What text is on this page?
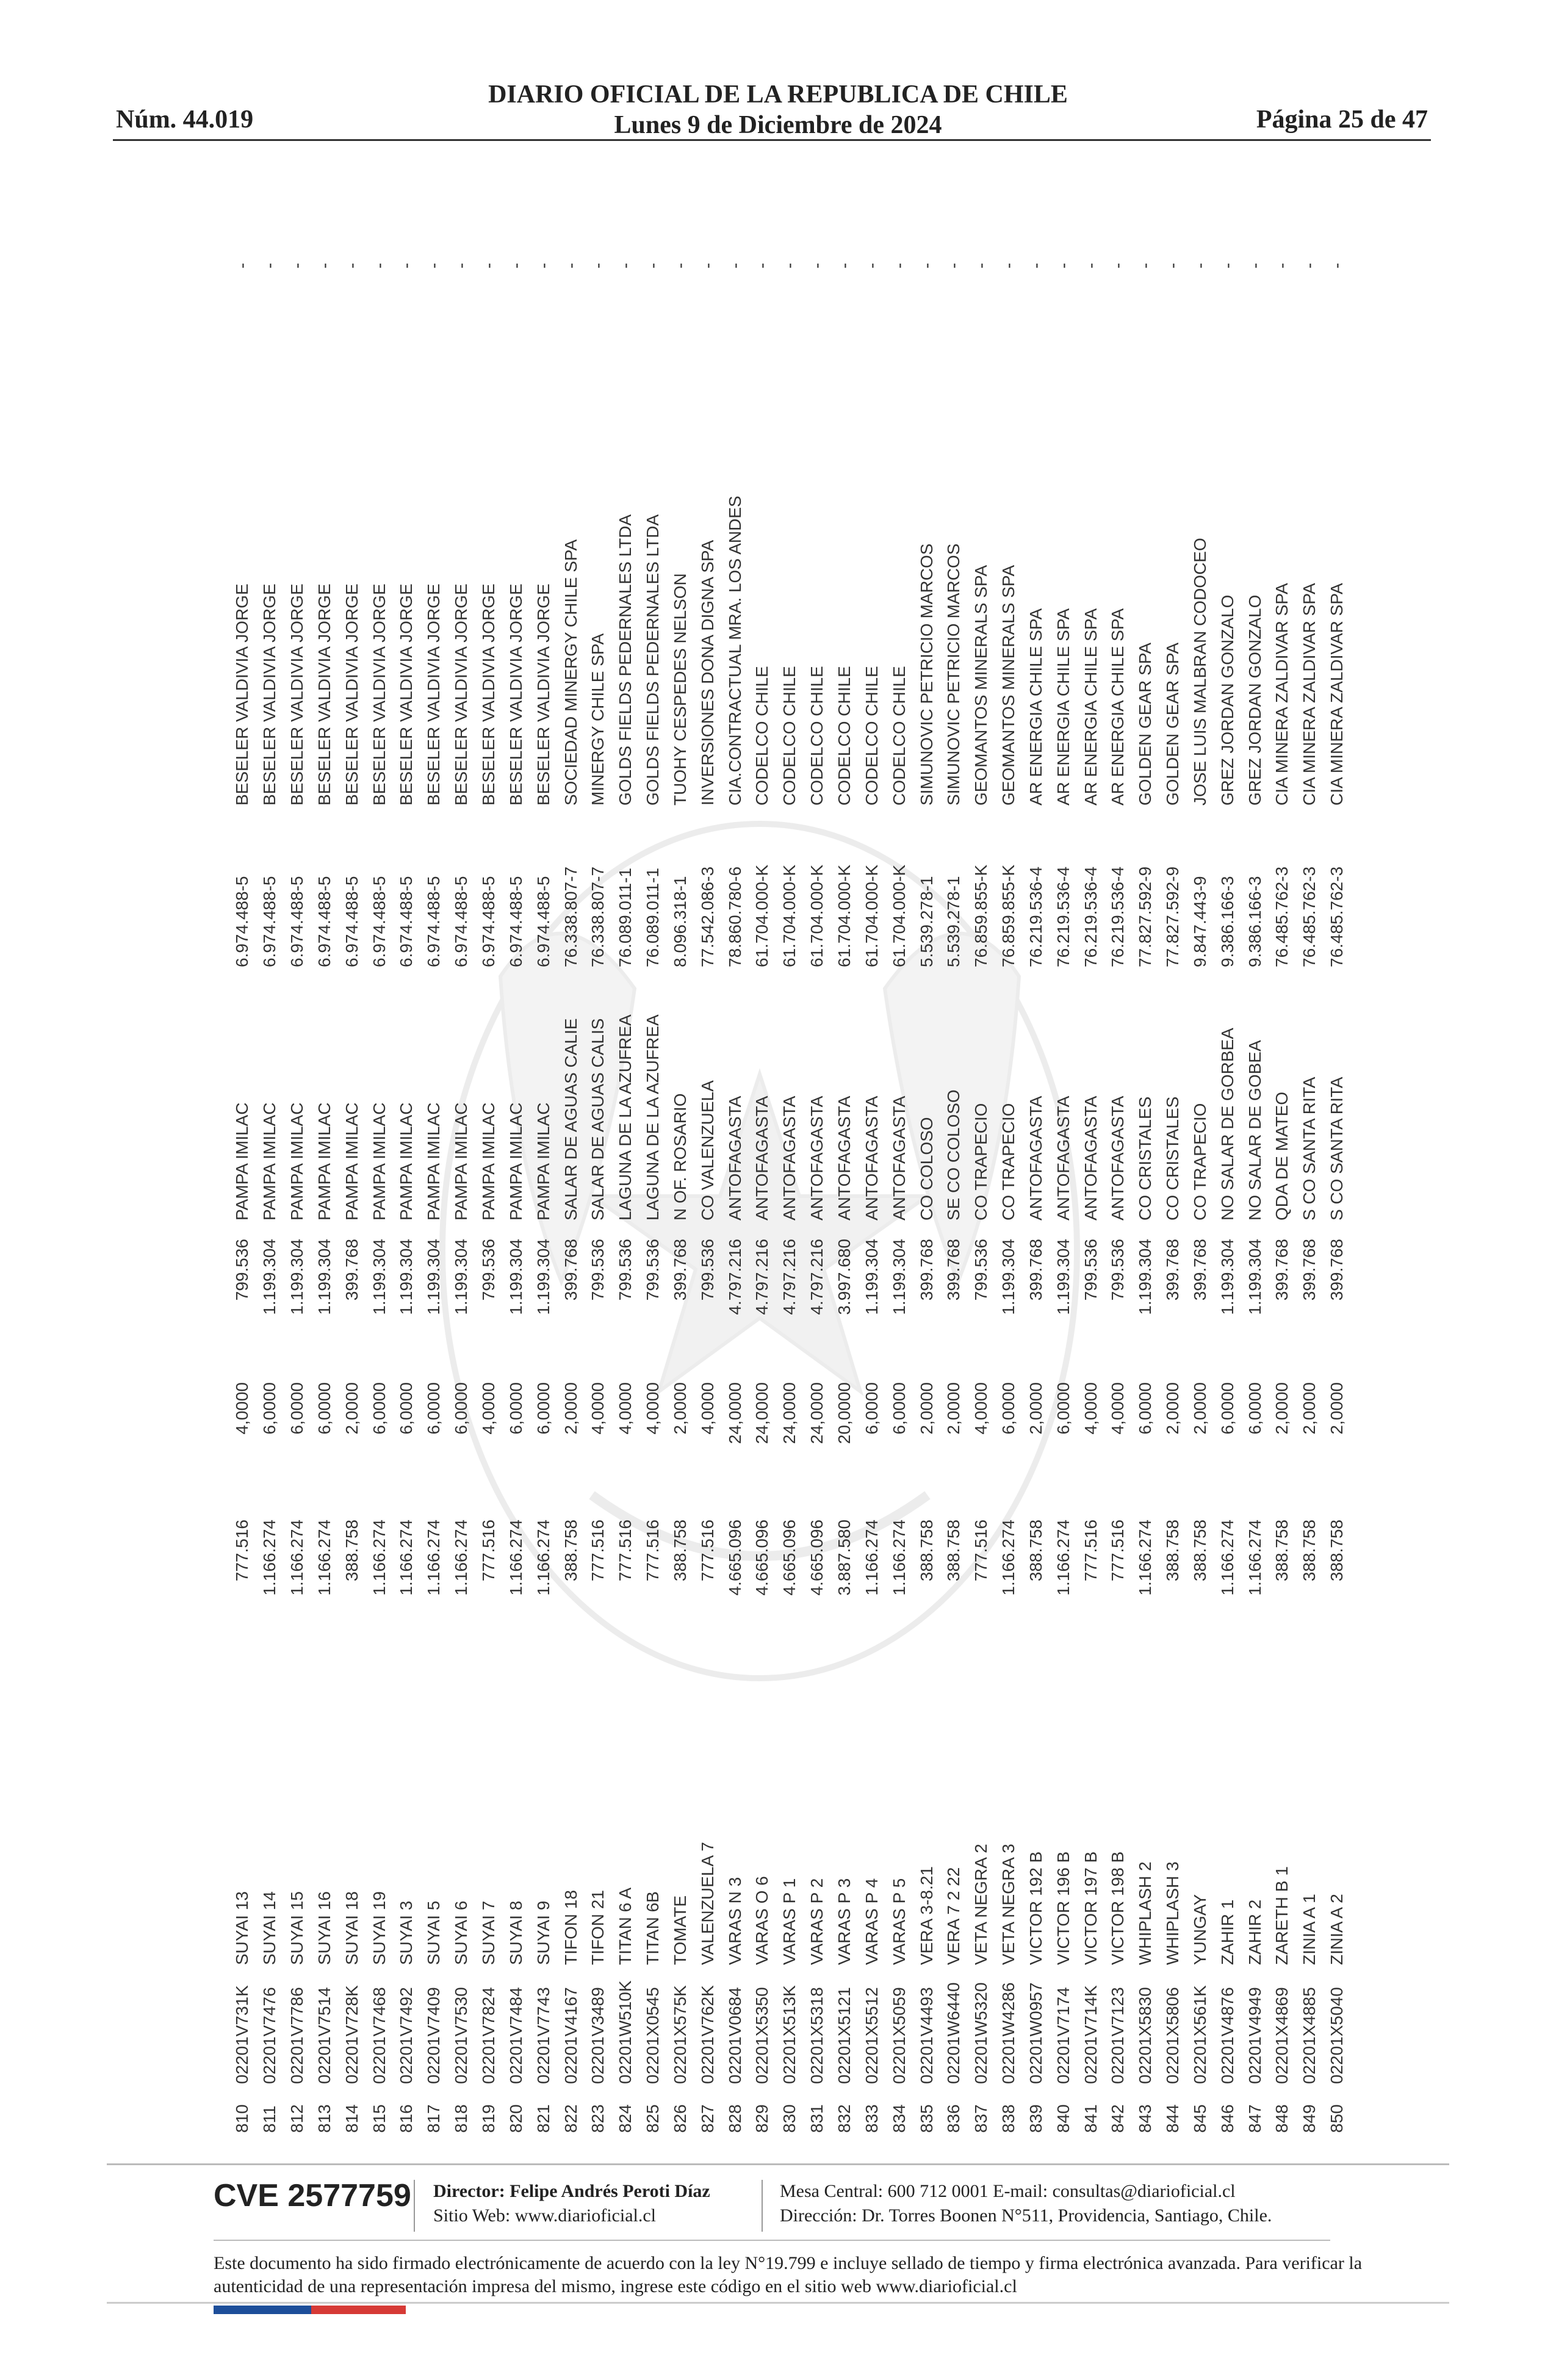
Núm. 44.019
DIARIO OFICIAL DE LA REPUBLICA DE CHILE
Lunes 9 de Diciembre de 2024	Página 25 de 47
810	02201V731K	SUYAI 13	777.516	4,0000	799.536	PAMPA IMILAC	6.974.488-5	BESELER VALDIVIA JORGE	-
811	02201V7476	SUYAI 14	1.166.274	6,0000	1.199.304	PAMPA IMILAC	6.974.488-5	BESELER VALDIVIA JORGE	-
812	02201V7786	SUYAI 15	1.166.274	6,0000	1.199.304	PAMPA IMILAC	6.974.488-5	BESELER VALDIVIA JORGE	-
813	02201V7514	SUYAI 16	1.166.274	6,0000	1.199.304	PAMPA IMILAC	6.974.488-5	BESELER VALDIVIA JORGE	-
814	02201V728K	SUYAI 18	388.758	2,0000	399.768	PAMPA IMILAC	6.974.488-5	BESELER VALDIVIA JORGE	-
815	02201V7468	SUYAI 19	1.166.274	6,0000	1.199.304	PAMPA IMILAC	6.974.488-5	BESELER VALDIVIA JORGE	-
816	02201V7492	SUYAI 3	1.166.274	6,0000	1.199.304	PAMPA IMILAC	6.974.488-5	BESELER VALDIVIA JORGE	-
817	02201V7409	SUYAI 5	1.166.274	6,0000	1.199.304	PAMPA IMILAC	6.974.488-5	BESELER VALDIVIA JORGE	-
818	02201V7530	SUYAI 6	1.166.274	6,0000	1.199.304	PAMPA IMILAC	6.974.488-5	BESELER VALDIVIA JORGE	-
819	02201V7824	SUYAI 7	777.516	4,0000	799.536	PAMPA IMILAC	6.974.488-5	BESELER VALDIVIA JORGE	-
820	02201V7484	SUYAI 8	1.166.274	6,0000	1.199.304	PAMPA IMILAC	6.974.488-5	BESELER VALDIVIA JORGE	-
821	02201V7743	SUYAI 9	1.166.274	6,0000	1.199.304	PAMPA IMILAC	6.974.488-5	BESELER VALDIVIA JORGE	-
822	02201V4167	TIFON 18	388.758	2,0000	399.768	SALAR DE AGUAS CALIE	76.338.807-7	SOCIEDAD MINERGY CHILE SPA	-
823	02201V3489	TIFON 21	777.516	4,0000	799.536	SALAR DE AGUAS CALIS	76.338.807-7	MINERGY CHILE SPA	-
824	02201W510K	TITAN 6 A	777.516	4,0000	799.536	LAGUNA DE LA AZUFREA	76.089.011-1	GOLDS FIELDS PEDERNALES LTDA	-
825	02201X0545	TITAN 6B	777.516	4,0000	799.536	LAGUNA DE LA AZUFREA	76.089.011-1	GOLDS FIELDS PEDERNALES LTDA	-
826	02201X575K	TOMATE	388.758	2,0000	399.768	N OF. ROSARIO	8.096.318-1	TUOHY CESPEDES NELSON	-
827	02201V762K	VALENZUELA 7	777.516	4,0000	799.536	CO VALENZUELA	77.542.086-3	INVERSIONES DONA DIGNA SPA	-
828	02201V0684	VARAS N 3	4.665.096	24,0000	4.797.216	ANTOFAGASTA	78.860.780-6	CIA.CONTRACTUAL MRA. LOS ANDES	-
829	02201X5350	VARAS O 6	4.665.096	24,0000	4.797.216	ANTOFAGASTA	61.704.000-K	CODELCO CHILE	-
830	02201X513K	VARAS P 1	4.665.096	24,0000	4.797.216	ANTOFAGASTA	61.704.000-K	CODELCO CHILE	-
831	02201X5318	VARAS P 2	4.665.096	24,0000	4.797.216	ANTOFAGASTA	61.704.000-K	CODELCO CHILE	-
832	02201X5121	VARAS P 3	3.887.580	20,0000	3.997.680	ANTOFAGASTA	61.704.000-K	CODELCO CHILE	-
833	02201X5512	VARAS P 4	1.166.274	6,0000	1.199.304	ANTOFAGASTA	61.704.000-K	CODELCO CHILE	-
834	02201X5059	VARAS P 5	1.166.274	6,0000	1.199.304	ANTOFAGASTA	61.704.000-K	CODELCO CHILE	-
835	02201V4493	VERA 3-8.21	388.758	2,0000	399.768	CO COLOSO	5.539.278-1	SIMUNOVIC PETRICIO MARCOS	-
836	02201W6440	VERA 7 2 22	388.758	2,0000	399.768	SE CO COLOSO	5.539.278-1	SIMUNOVIC PETRICIO MARCOS	-
837	02201W5320	VETA NEGRA 2	777.516	4,0000	799.536	CO TRAPECIO	76.859.855-K	GEOMANTOS MINERALS SPA	-
838	02201W4286	VETA NEGRA 3	1.166.274	6,0000	1.199.304	CO TRAPECIO	76.859.855-K	GEOMANTOS MINERALS SPA	-
839	02201W0957	VICTOR 192 B	388.758	2,0000	399.768	ANTOFAGASTA	76.219.536-4	AR ENERGIA CHILE SPA	-
840	02201V7174	VICTOR 196 B	1.166.274	6,0000	1.199.304	ANTOFAGASTA	76.219.536-4	AR ENERGIA CHILE SPA	-
841	02201V714K	VICTOR 197 B	777.516	4,0000	799.536	ANTOFAGASTA	76.219.536-4	AR ENERGIA CHILE SPA	-
842	02201V7123	VICTOR 198 B	777.516	4,0000	799.536	ANTOFAGASTA	76.219.536-4	AR ENERGIA CHILE SPA	-
843	02201X5830	WHIPLASH 2	1.166.274	6,0000	1.199.304	CO CRISTALES	77.827.592-9	GOLDEN GEAR SPA	-
844	02201X5806	WHIPLASH 3	388.758	2,0000	399.768	CO CRISTALES	77.827.592-9	GOLDEN GEAR SPA	-
845	02201X561K	YUNGAY	388.758	2,0000	399.768	CO TRAPECIO	9.847.443-9	JOSE LUIS MALBRAN CODOCEO	-
846	02201V4876	ZAHIR 1	1.166.274	6,0000	1.199.304	NO SALAR DE GORBEA	9.386.166-3	GREZ JORDAN GONZALO	-
847	02201V4949	ZAHIR 2	1.166.274	6,0000	1.199.304	NO SALAR DE GOBEA	9.386.166-3	GREZ JORDAN GONZALO	-
848	02201X4869	ZARETH B 1	388.758	2,0000	399.768	QDA DE MATEO	76.485.762-3	CIA MINERA ZALDIVAR SPA	-
849	02201X4885	ZINIA A 1	388.758	2,0000	399.768	S CO SANTA RITA	76.485.762-3	CIA MINERA ZALDIVAR SPA	-
850	02201X5040	ZINIA A 2	388.758	2,0000	399.768	S CO SANTA RITA	76.485.762-3	CIA MINERA ZALDIVAR SPA	-
CVE 2577759 Director: Felipe Andrés Peroti Díaz
Sitio Web: www.diarioficial.cl
Mesa Central: 600 712 0001 E-mail: consultas@diarioficial.cl
Dirección: Dr. Torres Boonen N°511, Providencia, Santiago, Chile.
Este documento ha sido firmado electrónicamente de acuerdo con la ley N°19.799 e incluye sellado de tiempo y firma electrónica avanzada. Para verificar la autenticidad de una representación impresa del mismo, ingrese este código en el sitio web www.diarioficial.cl
